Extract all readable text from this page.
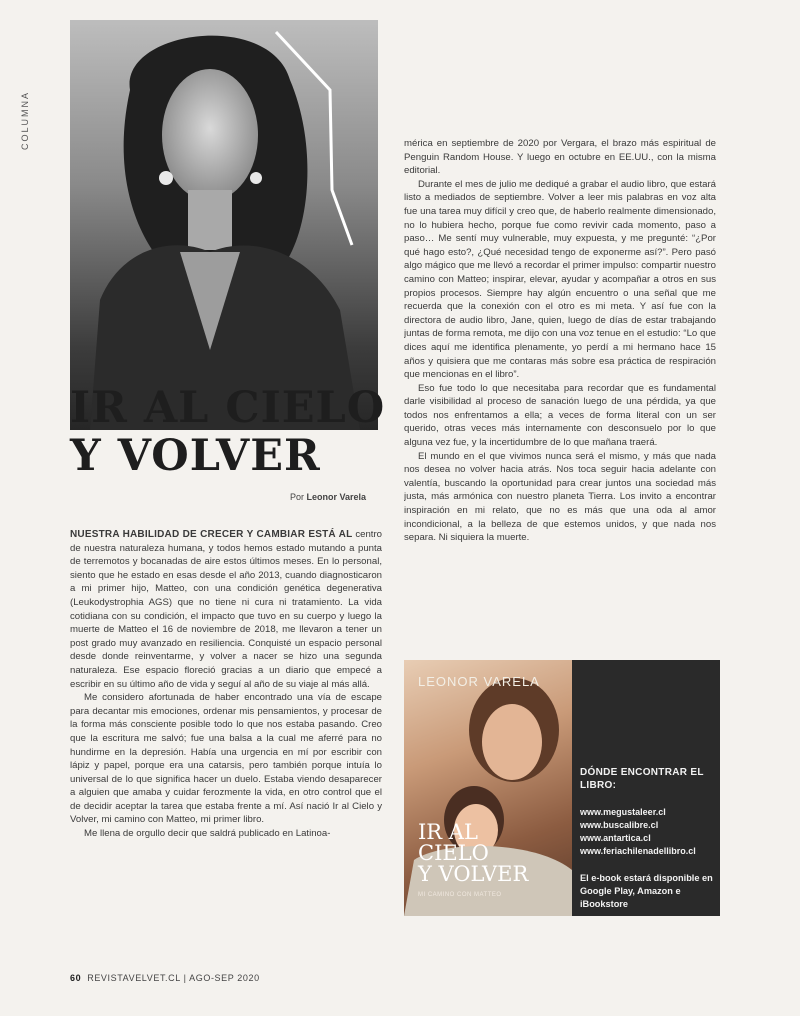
COLUMNA
IR AL CIELO
Y VOLVER
Por Leonor Varela

NUESTRA HABILIDAD DE CRECER Y CAMBIAR ESTÁ AL centro de nuestra naturaleza humana, y todos hemos estado mutando a punta de terremotos y bocanadas de aire estos últimos meses. En lo personal, siento que he estado en esas desde el año 2013, cuando diagnosticaron a mi primer hijo, Matteo, con una condición genética degenerativa (Leukodystrophia AGS) que no tiene ni cura ni tratamiento. La vida cotidiana con su condición, el impacto que tuvo en su cuerpo y luego la muerte de Matteo el 16 de noviembre de 2018, me llevaron a tener un post grado muy avanzado en resiliencia. Conquisté un espacio personal desde donde reinventarme, y volver a nacer se hizo una segunda naturaleza. Ese espacio floreció gracias a un diario que empecé a escribir en su último año de vida y seguí al año de su viaje al más allá.

Me considero afortunada de haber encontrado una vía de escape para decantar mis emociones, ordenar mis pensamientos, y procesar de la forma más consciente posible todo lo que nos estaba pasando. Creo que la escritura me salvó; fue una balsa a la cual me aferré para no hundirme en la depresión. Había una urgencia en mí por escribir con lápiz y papel, porque era una catarsis, pero también porque intuía lo universal de lo que significa hacer un duelo. Estaba viendo desaparecer a alguien que amaba y cuidar ferozmente la vida, en otro control que el de decidir aceptar la tarea que estaba frente a mí. Así nació Ir al Cielo y Volver, mi camino con Matteo, mi primer libro.

Me llena de orgullo decir que saldrá publicado en Latinoa-

mérica en septiembre de 2020 por Vergara, el brazo más espiritual de Penguin Random House. Y luego en octubre en EE.UU., con la misma editorial.

Durante el mes de julio me dediqué a grabar el audio libro, que estará listo a mediados de septiembre. Volver a leer mis palabras en voz alta fue una tarea muy difícil y creo que, de haberlo realmente dimensionado, no lo hubiera hecho, porque fue como revivir cada momento, paso a paso… Me sentí muy vulnerable, muy expuesta, y me pregunté: “¿Por qué hago esto?, ¿Qué necesidad tengo de exponerme así?”. Pero pasó algo mágico que me llevó a recordar el primer impulso: compartir nuestro camino con Matteo; inspirar, elevar, ayudar y acompañar a otros en sus propios procesos. Siempre hay algún encuentro o una señal que me recuerda que la conexión con el otro es mi meta. Y así fue con la directora de audio libro, Jane, quien, luego de días de estar trabajando juntas de forma remota, me dijo con una voz tenue en el estudio: “Lo que dices aquí me identifica plenamente, yo perdí a mi hermano hace 15 años y quisiera que me contaras más sobre esa práctica de respiración que mencionas en el libro”.

Eso fue todo lo que necesitaba para recordar que es fundamental darle visibilidad al proceso de sanación luego de una pérdida, ya que todos nos enfrentamos a ella; a veces de forma literal con un ser querido, otras veces más internamente con desconsuelo por lo que alguna vez fue, y la incertidumbre de lo que mañana traerá.

El mundo en el que vivimos nunca será el mismo, y más que nada nos desea no volver hacia atrás. Nos toca seguir hacia adelante con valentía, buscando la oportunidad para crear juntos una sociedad más justa, más armónica con nuestro planeta Tierra. Los invito a encontrar inspiración en mi relato, que no es más que una oda al amor incondicional, a la belleza de que estemos unidos, y que nada nos separa. Ni siquiera la muerte.

LEONOR VARELA
IR AL
CIELO
Y VOLVER
MI CAMINO CON MATTEO
DÓNDE ENCONTRAR EL LIBRO:
www.megustaleer.cl
www.buscalibre.cl
www.antartica.cl
www.feriachilenadellibro.cl

El e-book estará disponible en Google Play, Amazon e iBookstore

60 REVISTAVELVET.CL | AGO-SEP 2020
